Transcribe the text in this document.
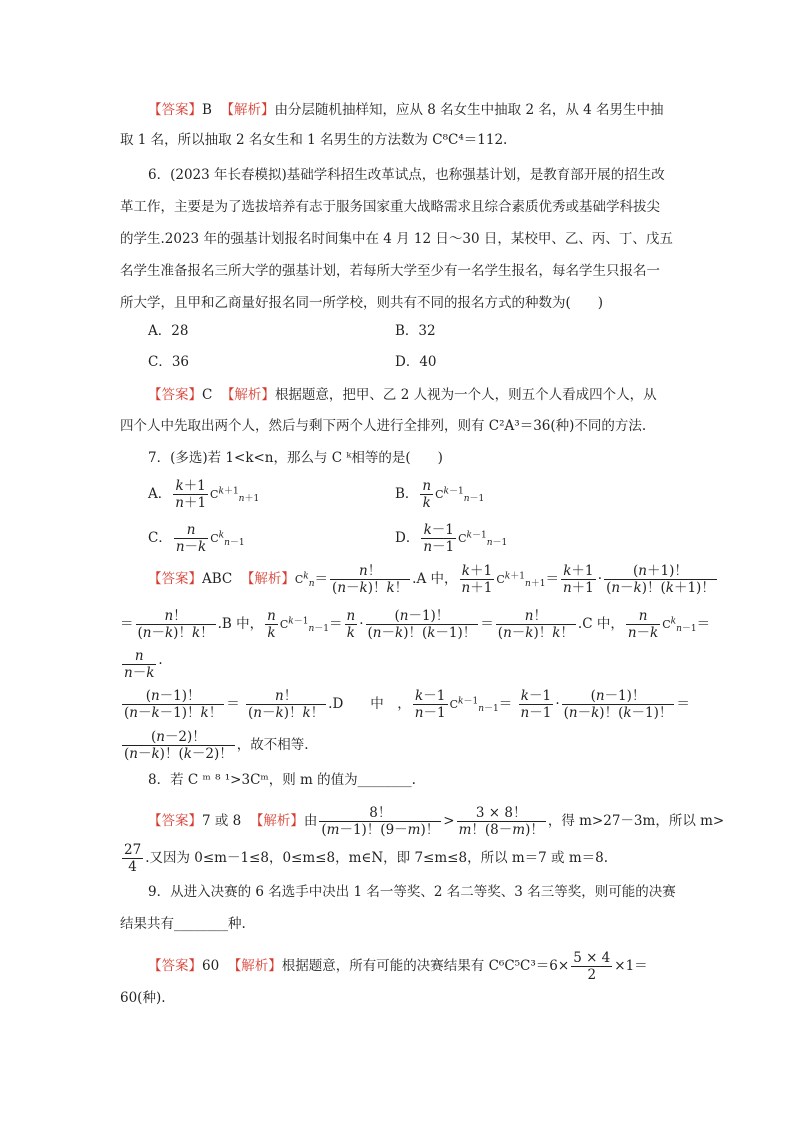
【答案】B 【解析】由分层随机抽样知，应从 8 名女生中抽取 2 名，从 4 名男生中抽
取 1 名，所以抽取 2 名女生和 1 名男生的方法数为 C⁸C⁴＝112.
6．(2023 年长春模拟)基础学科招生改革试点，也称强基计划，是教育部开展的招生改
革工作，主要是为了选拔培养有志于服务国家重大战略需求且综合素质优秀或基础学科拔尖
的学生.2023 年的强基计划报名时间集中在 4 月 12 日～30 日，某校甲、乙、丙、丁、戊五
名学生准备报名三所大学的强基计划，若每所大学至少有一名学生报名，每名学生只报名一
所大学，且甲和乙商量好报名同一所学校，则共有不同的报名方式的种数为(　　)
A．28	B．32
C．36	D．40
【答案】C 【解析】根据题意，把甲、乙 2 人视为一个人，则五个人看成四个人，从
四个人中先取出两个人，然后与剩下两个人进行全排列，则有 C²A³＝36(种)不同的方法.
7．(多选)若 1<k<n，那么与 C ᵏ相等的是(　　)
A． $\frac{k+1}{n+1} C^{k+1}_{n+1}$	B． $\frac{n}{k} C^{k-1}_{n-1}$
C． $\frac{n}{n-k} C^k_{n-1}$	D． $\frac{k-1}{n-1} C^{k-1}_{n-1}$
【答案】ABC 【解析】$C^k_n= \frac{n!}{(n-k)!k!} .A$ 中， $\frac{k+1}{n+1} C^{k+1}_{n+1}= \frac{k+1}{n+1} \cdot \frac{(n+1)!}{(n-k)!(k+1)!}$
＝ $\frac{n!}{(n-k)!k!} .B$ 中， $\frac{n}{k} C^{k-1}_{n-1}= \frac{n}{k} \cdot \frac{(n-1)!}{(n-k)!(k-1)!} = \frac{n!}{(n-k)!k!} .C$ 中， $\frac{n}{n-k} C^k_{n-1}=$
$\frac{n}{n-k}$ ·
$\frac{(n-1)!}{(n-k-1)!k!} = \frac{n!}{(n-k)!k!} .D$　　中　， $\frac{k-1}{n-1} C^{k-1}_{n-1}= \frac{k-1}{n-1} \cdot \frac{(n-1)!}{(n-k)!(k-1)!}$ ＝
$\frac{(n-2)!}{(n-k)!(k-2)!}$ ，故不相等.
8．若 C ᵐ ⁸ ¹>3Cᵐ，则 m 的值为________.
【答案】7 或 8 【解析】由 $\frac{8!}{(m-1)!(9-m)!} > \frac{3 \times 8!}{m!(8-m)!}$ ，得 m>27－3m，所以 m>
$\frac{27}{4}$ .又因为 0≤m－1≤8，0≤m≤8，m∈N，即 7≤m≤8，所以 m＝7 或 m＝8.
9．从进入决赛的 6 名选手中决出 1 名一等奖、2 名二等奖、3 名三等奖，则可能的决赛
结果共有________种.
【答案】60 【解析】根据题意，所有可能的决赛结果有 $C^6C^5C^3=6\times \frac{5 \times 4}{2} \times 1=$
60(种).
